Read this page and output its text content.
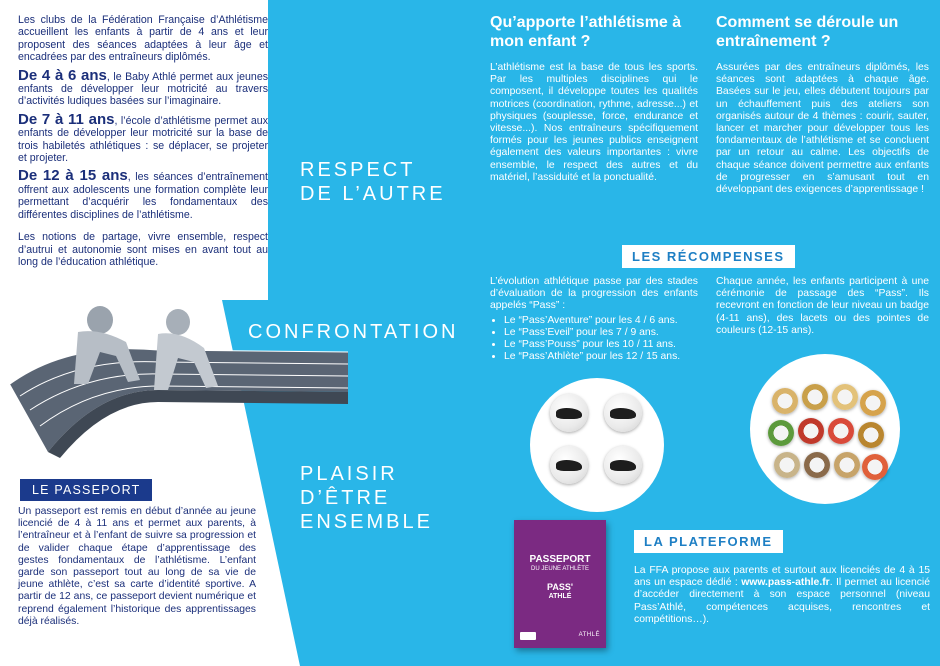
Les clubs de la Fédération Française d’Athlétisme accueillent les enfants à partir de 4 ans et leur proposent des séances adaptées à leur âge et encadrées par des entraîneurs diplômés.

De 4 à 6 ans, le Baby Athlé permet aux jeunes enfants de développer leur motricité au travers d’activités ludiques basées sur l’imaginaire.

De 7 à 11 ans, l’école d’athlétisme permet aux enfants de développer leur motricité sur la base de trois habiletés athlétiques : se déplacer, se projeter et projeter.

De 12 à 15 ans, les séances d’entraînement offrent aux adolescents une formation complète leur permettant d’acquérir les fondamentaux des différentes disciplines de l’athlétisme.

Les notions de partage, vivre ensemble, respect d’autrui et autonomie sont mises en avant tout au long de l’éducation athlétique.

RESPECT
DE L’AUTRE
CONFRONTATION
PLAISIR
D’ÊTRE
ENSEMBLE
LE PASSEPORT

Un passeport est remis en début d’année au jeune licencié de 4 à 11 ans et permet aux parents, à l’entraîneur et à l’enfant de suivre sa progression et de valider chaque étape d’apprentissage des gestes fondamentaux de l’athlétisme. L’enfant garde son passeport tout au long de sa vie de jeune athlète, c’est sa carte d’identité sportive. A partir de 12 ans, ce passeport devient numérique et reprend également l’historique des apprentissages déjà réalisés.

Qu’apporte l’athlétisme à mon enfant ?

L’athlétisme est la base de tous les sports. Par les multiples disciplines qui le composent, il développe toutes les qualités motrices (coordination, rythme, adresse...) et physiques (souplesse, force, endurance et vitesse...). Nos entraîneurs spécifiquement formés pour les jeunes publics enseignent également des valeurs importantes : vivre ensemble, le respect des autres et du matériel, l’assiduité et la ponctualité.

Comment se déroule un entraînement ?

Assurées par des entraîneurs diplômés, les séances sont adaptées à chaque âge. Basées sur le jeu, elles débutent toujours par un échauffement puis des ateliers son organisés autour de 4 thèmes : courir, sauter, lancer et marcher pour développer tous les fondamentaux de l’athlétisme et se concluent par un retour au calme. Les objectifs de chaque séance doivent permettre aux enfants de progresser en s’amusant tout en développant des exigences d’apprentissage !

LES RÉCOMPENSES

L’évolution athlétique passe par des stades d’évaluation de la progression des enfants appelés “Pass” :

• Le “Pass’Aventure” pour les 4 / 6 ans.
• Le “Pass’Eveil” pour les 7 / 9 ans.
• Le “Pass’Pouss” pour les 10 / 11 ans.
• Le “Pass’Athlète” pour les 12 / 15 ans.

Chaque année, les enfants participent à une cérémonie de passage des “Pass”. Ils recevront en fonction de leur niveau un badge (4-11 ans), des lacets ou des pointes de couleurs (12-15 ans).

LA PLATEFORME

La FFA propose aux parents et surtout aux licenciés de 4 à 15 ans un espace dédié : www.pass-athle.fr. Il permet au licencié d’accéder directement à son espace personnel (niveau Pass’Athlé, compétences acquises, rencontres et compétitions…).

PASSEPORT
DU JEUNE ATHLÈTE
PASS'
ATHLÉ
ATHLÉ
